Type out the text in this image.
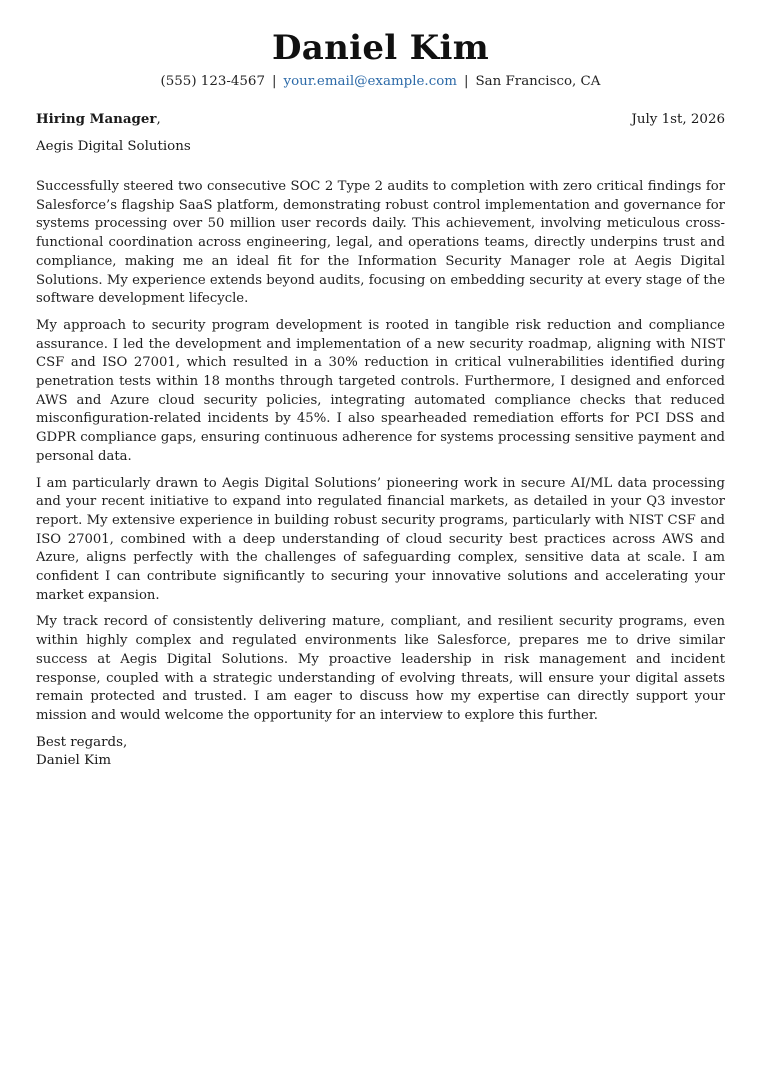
Daniel Kim
(555) 123-4567 | your.email@example.com | San Francisco, CA
Hiring Manager,	July 1st, 2026
Aegis Digital Solutions

Successfully steered two consecutive SOC 2 Type 2 audits to completion with zero critical findings for Salesforce’s flagship SaaS platform, demonstrating robust control implementation and governance for systems processing over 50 million user records daily. This achievement, involving meticulous cross-functional coordination across engineering, legal, and operations teams, directly underpins trust and compliance, making me an ideal fit for the Information Security Manager role at Aegis Digital Solutions. My experience extends beyond audits, focusing on embedding security at every stage of the software development lifecycle.

My approach to security program development is rooted in tangible risk reduction and compliance assurance. I led the development and implementation of a new security roadmap, aligning with NIST CSF and ISO 27001, which resulted in a 30% reduction in critical vulnerabilities identified during penetration tests within 18 months through targeted controls. Furthermore, I designed and enforced AWS and Azure cloud security policies, integrating automated compliance checks that reduced misconfiguration-related incidents by 45%. I also spearheaded remediation efforts for PCI DSS and GDPR compliance gaps, ensuring continuous adherence for systems processing sensitive payment and personal data.

I am particularly drawn to Aegis Digital Solutions’ pioneering work in secure AI/ML data processing and your recent initiative to expand into regulated financial markets, as detailed in your Q3 investor report. My extensive experience in building robust security programs, particularly with NIST CSF and ISO 27001, combined with a deep understanding of cloud security best practices across AWS and Azure, aligns perfectly with the challenges of safeguarding complex, sensitive data at scale. I am confident I can contribute significantly to securing your innovative solutions and accelerating your market expansion.

My track record of consistently delivering mature, compliant, and resilient security programs, even within highly complex and regulated environments like Salesforce, prepares me to drive similar success at Aegis Digital Solutions. My proactive leadership in risk management and incident response, coupled with a strategic understanding of evolving threats, will ensure your digital assets remain protected and trusted. I am eager to discuss how my expertise can directly support your mission and would welcome the opportunity for an interview to explore this further.

Best regards,
Daniel Kim
